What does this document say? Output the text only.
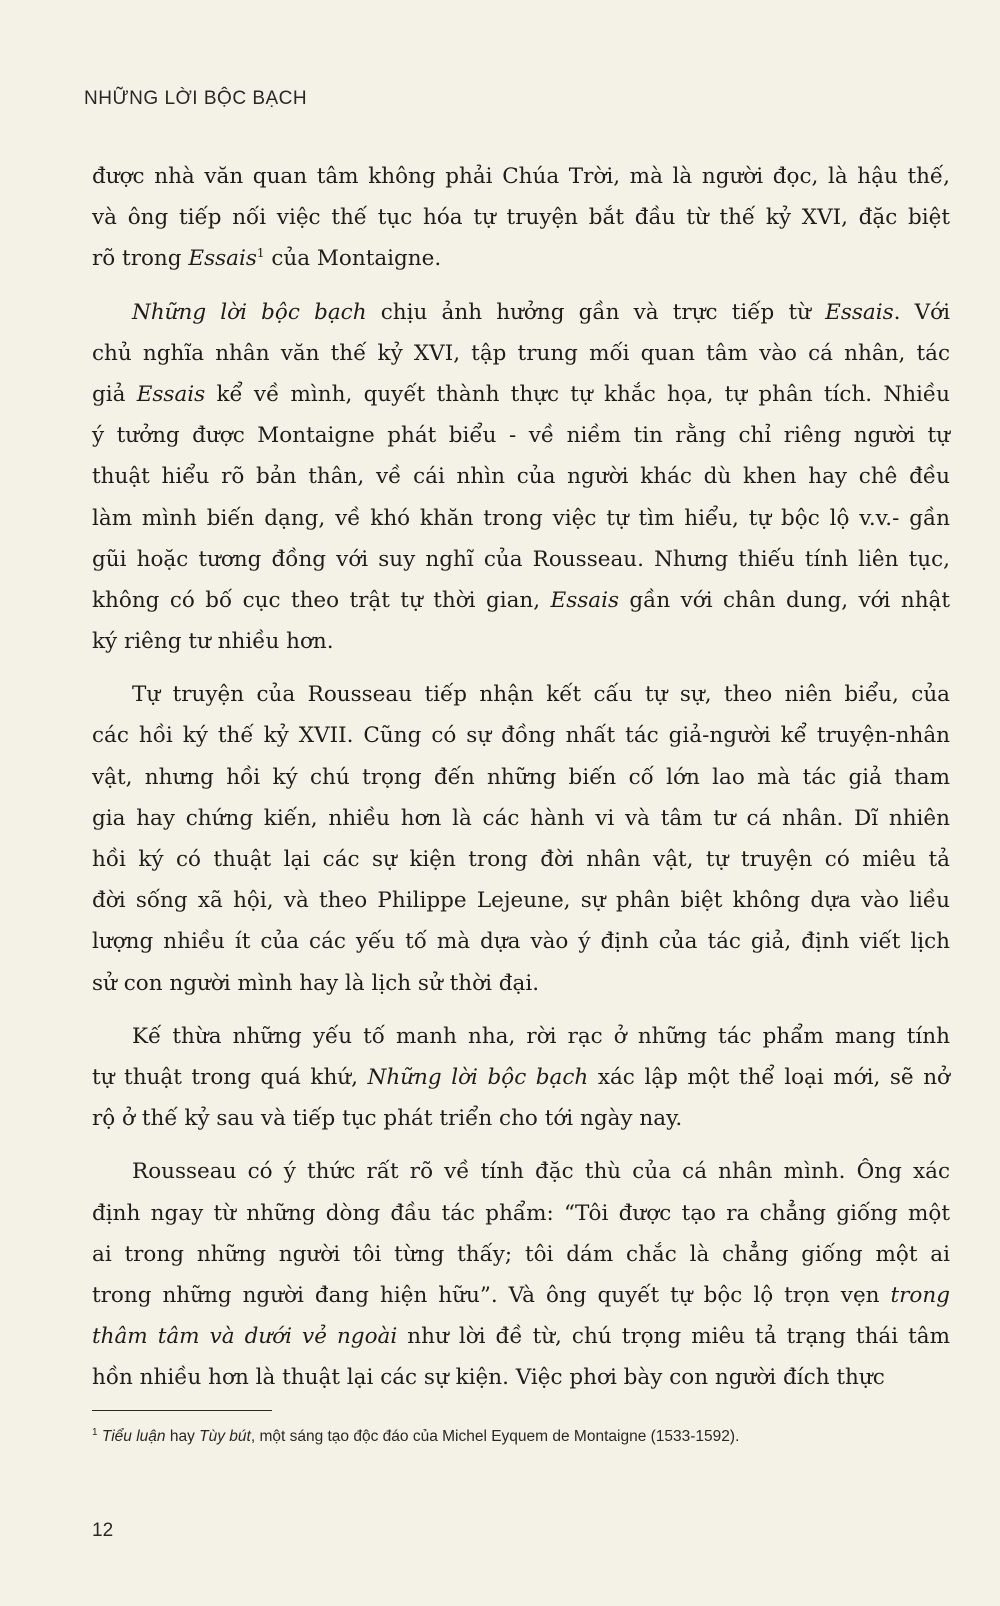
NHỮNG LỜI BỘC BẠCH
được nhà văn quan tâm không phải Chúa Trời, mà là người đọc, là hậu thế,
và ông tiếp nối việc thế tục hóa tự truyện bắt đầu từ thế kỷ XVI, đặc biệt
rõ trong Essais$^1$ của Montaigne.
Những lời bộc bạch chịu ảnh hưởng gần và trực tiếp từ Essais. Với
chủ nghĩa nhân văn thế kỷ XVI, tập trung mối quan tâm vào cá nhân, tác
giả Essais kể về mình, quyết thành thực tự khắc họa, tự phân tích. Nhiều
ý tưởng được Montaigne phát biểu - về niềm tin rằng chỉ riêng người tự
thuật hiểu rõ bản thân, về cái nhìn của người khác dù khen hay chê đều
làm mình biến dạng, về khó khăn trong việc tự tìm hiểu, tự bộc lộ v.v.- gần
gũi hoặc tương đồng với suy nghĩ của Rousseau. Nhưng thiếu tính liên tục,
không có bố cục theo trật tự thời gian, Essais gần với chân dung, với nhật
ký riêng tư nhiều hơn.
Tự truyện của Rousseau tiếp nhận kết cấu tự sự, theo niên biểu, của
các hồi ký thế kỷ XVII. Cũng có sự đồng nhất tác giả-người kể truyện-nhân
vật, nhưng hồi ký chú trọng đến những biến cố lớn lao mà tác giả tham
gia hay chứng kiến, nhiều hơn là các hành vi và tâm tư cá nhân. Dĩ nhiên
hồi ký có thuật lại các sự kiện trong đời nhân vật, tự truyện có miêu tả
đời sống xã hội, và theo Philippe Lejeune, sự phân biệt không dựa vào liều
lượng nhiều ít của các yếu tố mà dựa vào ý định của tác giả, định viết lịch
sử con người mình hay là lịch sử thời đại.
Kế thừa những yếu tố manh nha, rời rạc ở những tác phẩm mang tính
tự thuật trong quá khứ, Những lời bộc bạch xác lập một thể loại mới, sẽ nở
rộ ở thế kỷ sau và tiếp tục phát triển cho tới ngày nay.
Rousseau có ý thức rất rõ về tính đặc thù của cá nhân mình. Ông xác
định ngay từ những dòng đầu tác phẩm: “Tôi được tạo ra chẳng giống một
ai trong những người tôi từng thấy; tôi dám chắc là chẳng giống một ai
trong những người đang hiện hữu”. Và ông quyết tự bộc lộ trọn vẹn trong
thâm tâm và dưới vẻ ngoài như lời đề từ, chú trọng miêu tả trạng thái tâm
hồn nhiều hơn là thuật lại các sự kiện. Việc phơi bày con người đích thực
$^1$ Tiểu luận hay Tùy bút, một sáng tạo độc đáo của Michel Eyquem de Montaigne (1533-1592).
12
